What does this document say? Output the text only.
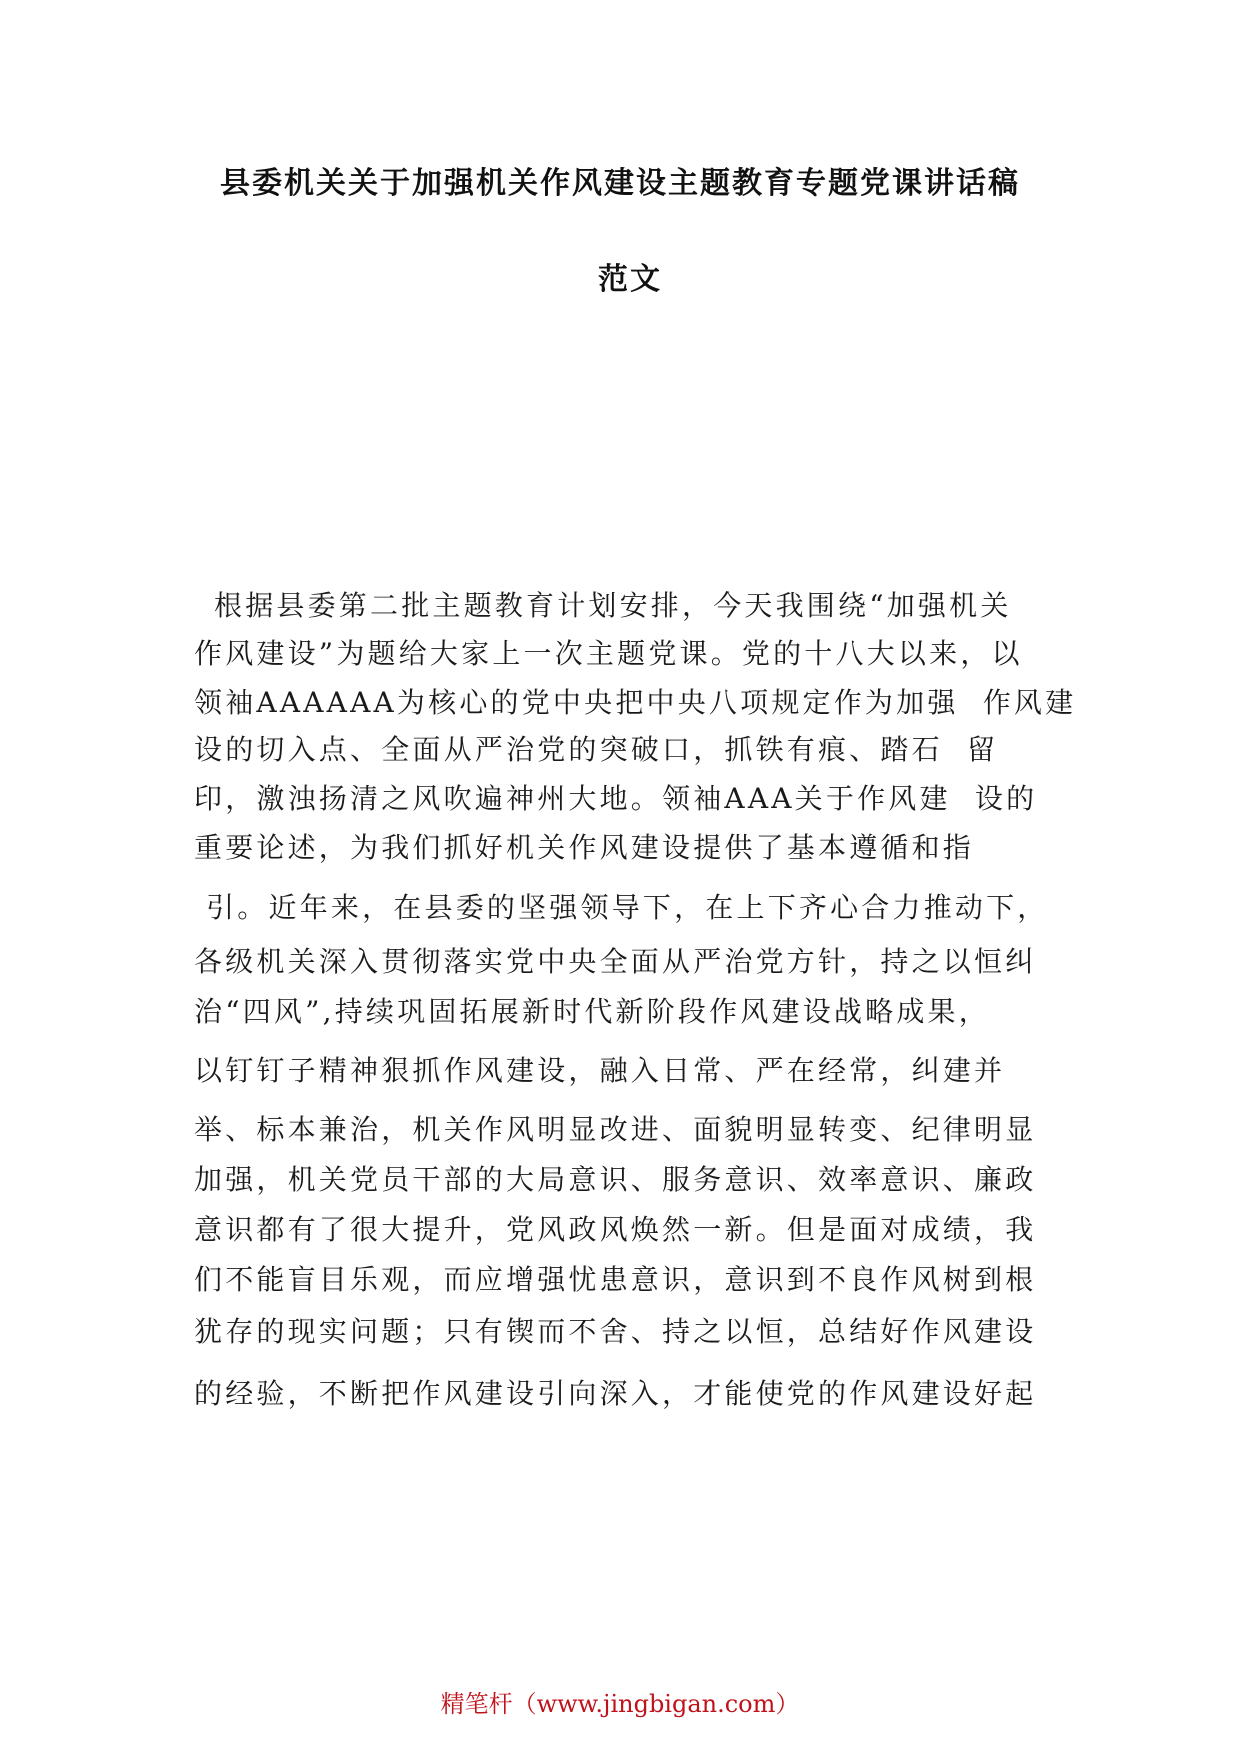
县委机关关于加强机关作风建设主题教育专题党课讲话稿
范文
根据县委第二批主题教育计划安排，今天我围绕“加强机关
作风建设”为题给大家上一次主题党课。党的十八大以来，以
领袖AAAAAA为核心的党中央把中央八项规定作为加强  作风建
设的切入点、全面从严治党的突破口，抓铁有痕、踏石  留
印，激浊扬清之风吹遍神州大地。领袖AAA关于作风建  设的
重要论述，为我们抓好机关作风建设提供了基本遵循和指
引。近年来，在县委的坚强领导下，在上下齐心合力推动下，
各级机关深入贯彻落实党中央全面从严治党方针，持之以恒纠
治“四风”,持续巩固拓展新时代新阶段作风建设战略成果，
以钉钉子精神狠抓作风建设，融入日常、严在经常，纠建并
举、标本兼治，机关作风明显改进、面貌明显转变、纪律明显
加强，机关党员干部的大局意识、服务意识、效率意识、廉政
意识都有了很大提升，党风政风焕然一新。但是面对成绩，我
们不能盲目乐观，而应增强忧患意识，意识到不良作风树到根
犹存的现实问题；只有锲而不舍、持之以恒，总结好作风建设
的经验，不断把作风建设引向深入，才能使党的作风建设好起
精笔杆（www.jingbigan.com）
